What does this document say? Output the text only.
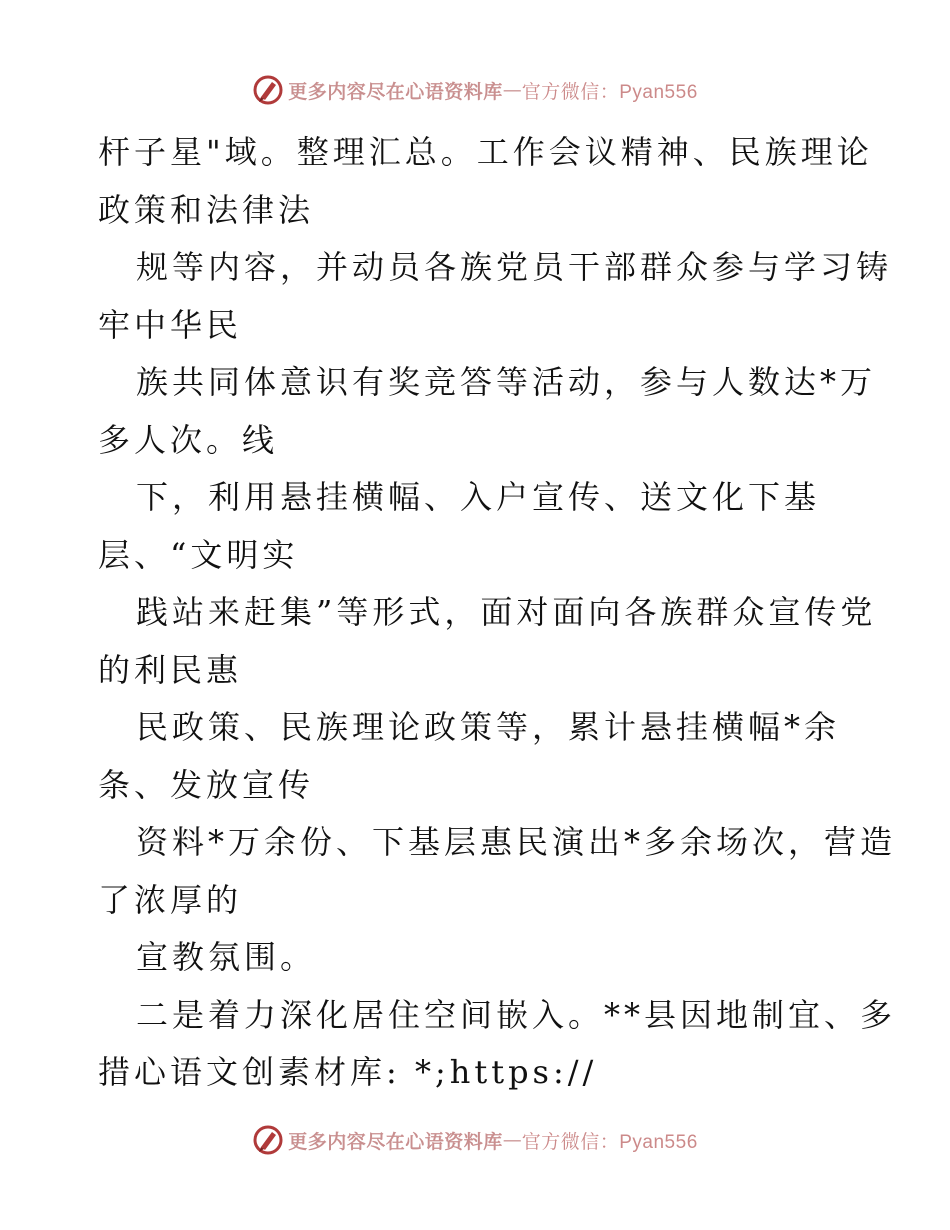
更多内容尽在心语资料库 — 官方微信：Pyan556
杆子星"域。整理汇总。工作会议精神、民族理论
政策和法律法
规等内容，并动员各族党员干部群众参与学习铸
牢中华民
族共同体意识有奖竞答等活动，参与人数达*万
多人次。线
下，利用悬挂横幅、入户宣传、送文化下基
层、“文明实
践站来赶集”等形式，面对面向各族群众宣传党
的利民惠
民政策、民族理论政策等，累计悬挂横幅*余
条、发放宣传
资料*万余份、下基层惠民演出*多余场次，营造
了浓厚的
宣教氛围。
二是着力深化居住空间嵌入。**县因地制宜、多
措心语文创素材库: *;https://
更多内容尽在心语资料库 — 官方微信：Pyan556
